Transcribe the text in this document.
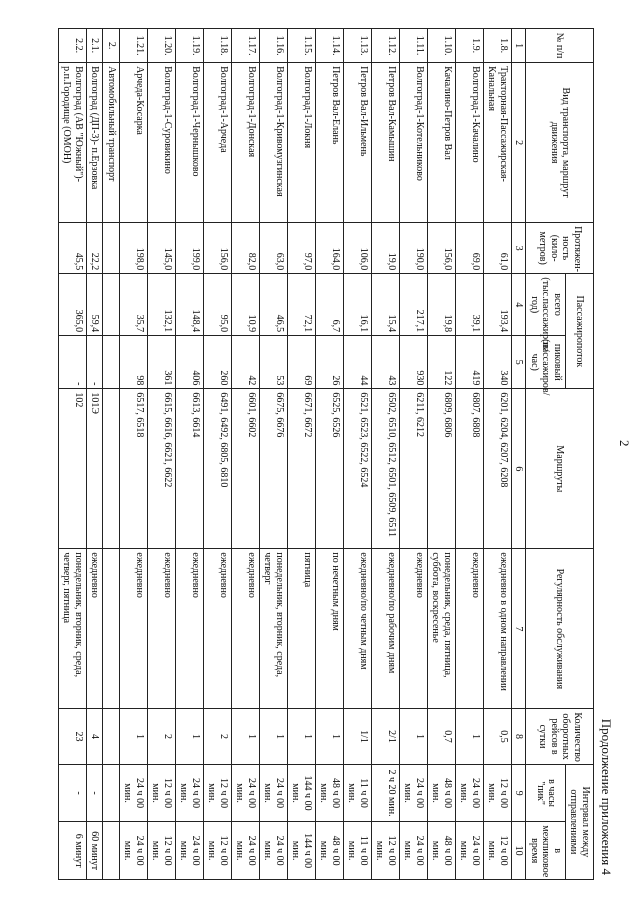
2
Продолжение приложения 4
№ п/п	Вид транспорта, маршрут движения	Протяжен-ность (кило-метров)	Пассажиропоток		Маршруты	Регулярность обслуживания	Количество оборотных рейсов в сутки	Интервал между отправлениями	
			всего (тыс.пассажиров/год)	пиковый (пассажиров/час)				в часы "пик"	в межпиковое время
1	2	3	4	5	6	7	8	9	10
1.8.	Тракторная-Пассажирская-Канальная	61,0	193,4	340	6201, 6204, 6207, 6208	ежедневно в одном направлении	0,5	12 ч 00 мин.	12 ч 00 мин.
1.9.	Волгоград-1-Качалино	69,0	39,1	419	6807, 6808	ежедневно	1	24 ч 00 мин.	24 ч 00 мин.
1.10.	Качалино-Петров Вал	156,0	19,8	122	6809, 6806	понедельник, среда, пятница, суббота, воскресенье	0,7	48 ч 00 мин.	48 ч 00 мин.
1.11.	Волгоград-1-Котельниково	190,0	217,1	930	6211, 6212	ежедневно	1	24 ч 00 мин.	24 ч 00 мин.
1.12.	Петров Вал-Камышин	19,0	15,4	43	6502, 6510, 6512, 6501, 6509, 6511	ежедневно/по рабочим дням	2/1	2 ч 20 мин.	12 ч 00 мин.
1.13.	Петров Вал-Ильмень	106,0	16,1	44	6521, 6523, 6522, 6524	ежедневно/по четным дням	1/1	11 ч 00 мин.	11 ч 00 мин.
1.14.	Петров Вал-Елань	164,0	6,7	26	6525, 6526	по нечетным дням	1	48 ч 00 мин.	48 ч 00 мин.
1.15.	Волгоград-1-Локня	97,0	72,1	69	6671, 6672	пятница	1	144 ч 00 мин.	144 ч 00 мин.
1.16.	Волгоград-1-Кривомузгинская	63,0	46,5	53	6675, 6676	понедельник, вторник, среда, четверг	1	24 ч 00 мин.	24 ч 00 мин.
1.17.	Волгоград-1-Донская	82,0	10,9	42	6601, 6602	ежедневно	1	24 ч 00 мин.	24 ч 00 мин.
1.18.	Волгоград-1-Арчеда	156,0	95,0	260	6491, 6492, 6805, 6810	ежедневно	2	12 ч 00 мин.	12 ч 00 мин.
1.19.	Волгоград-1-Чернышково	199,0	148,4	406	6613, 6614	ежедневно	1	24 ч 00 мин.	24 ч 00 мин.
1.20.	Волгоград-1-Суровикино	145,0	132,1	361	6615, 6616, 6621, 6622	ежедневно	2	12 ч 00 мин.	12 ч 00 мин.
1.21.	Арчеда-Косарка	198,0	35,7	98	6517, 6518	ежедневно	1	24 ч 00 мин.	24 ч 00 мин.
2.	Автомобильный транспорт								
2.1.	Волгоград (ДП-3)- п.Ерзовка	22,2	59,4	-	101Э	ежедневно	4	-	60 минут
2.2.	Волгоград (АВ "Южный")- р.п.Городище (ОМОН)	45,5	365,0	-	102	понедельник, вторник, среда, четверг, пятница	23	-	6 минут
